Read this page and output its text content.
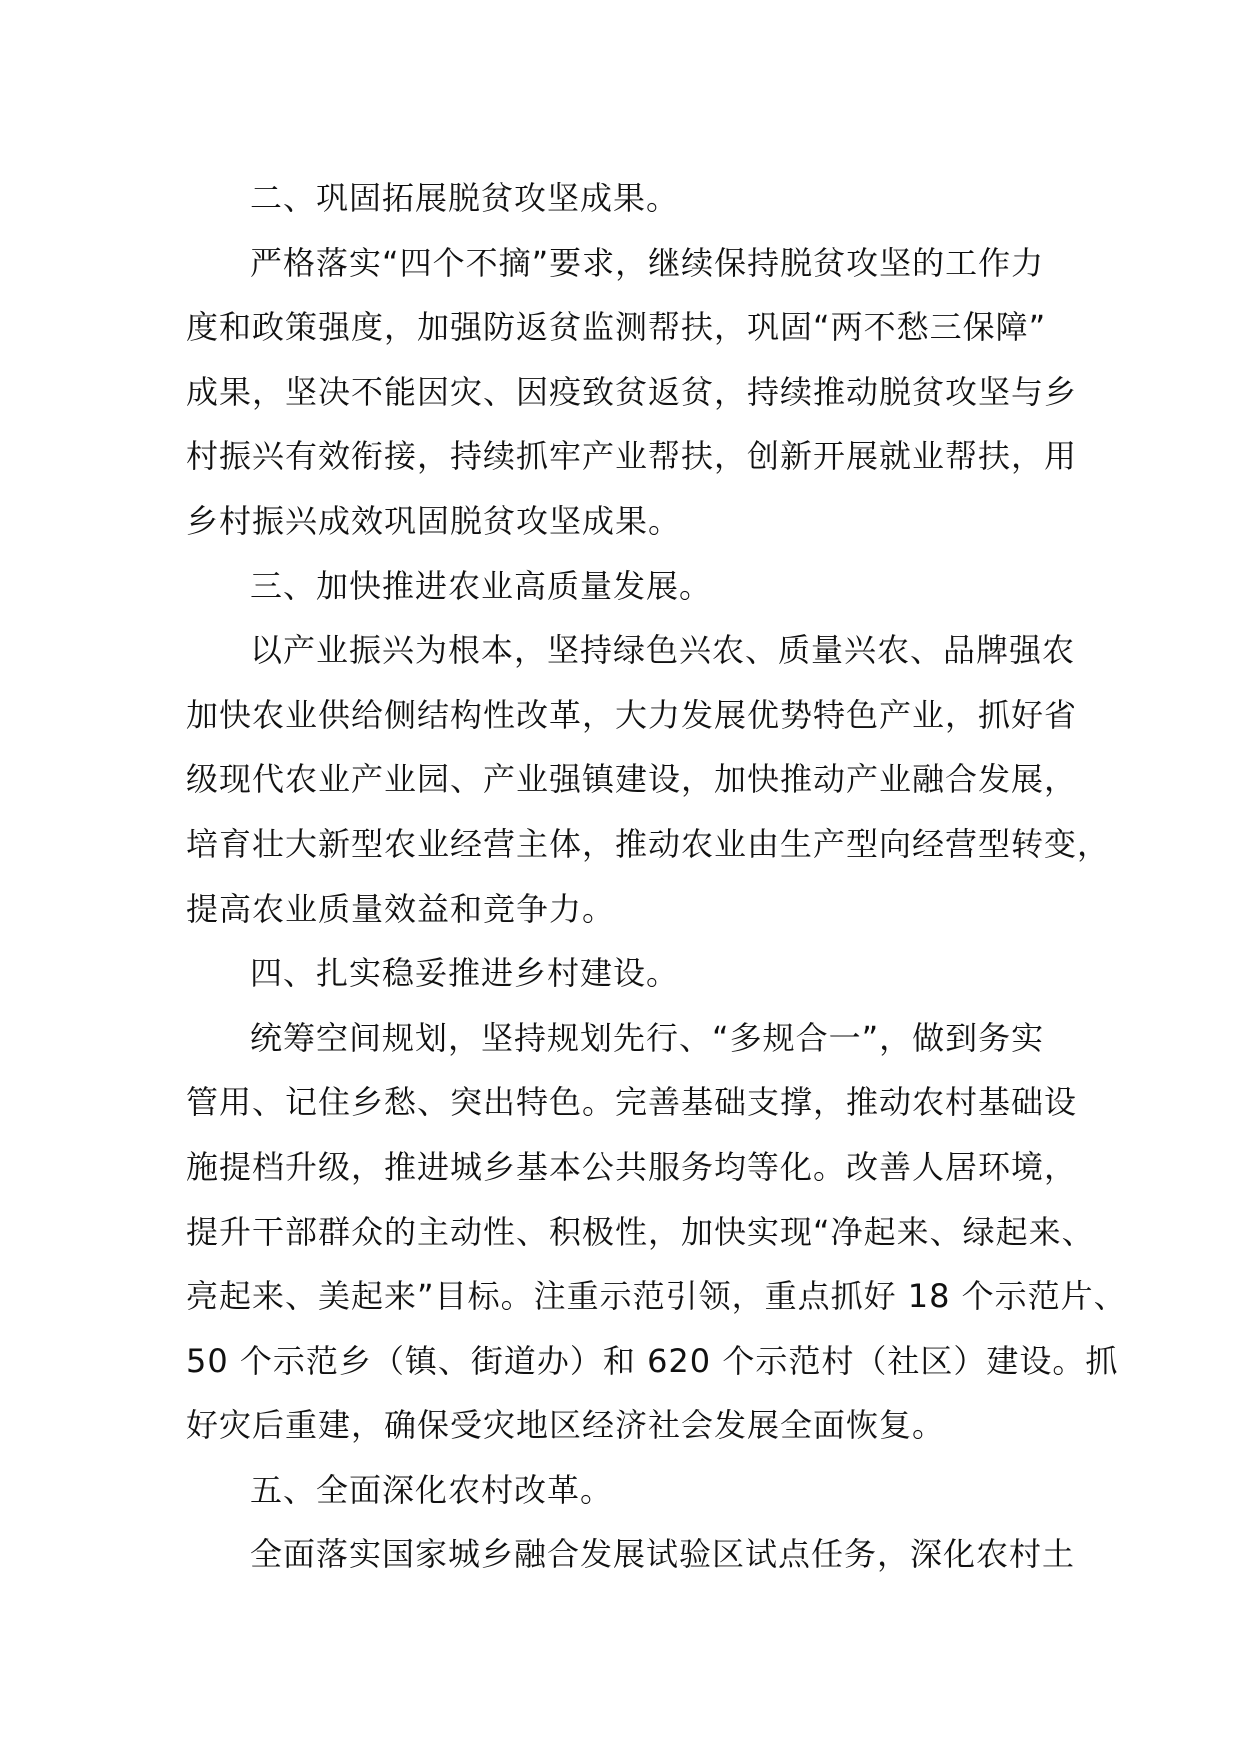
二、巩固拓展脱贫攻坚成果。

严格落实“四个不摘”要求，继续保持脱贫攻坚的工作力
度和政策强度，加强防返贫监测帮扶，巩固“两不愁三保障”
成果，坚决不能因灾、因疫致贫返贫，持续推动脱贫攻坚与乡
村振兴有效衔接，持续抓牢产业帮扶，创新开展就业帮扶，用
乡村振兴成效巩固脱贫攻坚成果。

三、加快推进农业高质量发展。

以产业振兴为根本，坚持绿色兴农、质量兴农、品牌强农
加快农业供给侧结构性改革，大力发展优势特色产业，抓好省
级现代农业产业园、产业强镇建设，加快推动产业融合发展，
培育壮大新型农业经营主体，推动农业由生产型向经营型转变，
提高农业质量效益和竞争力。

四、扎实稳妥推进乡村建设。

统筹空间规划，坚持规划先行、“多规合一”，做到务实
管用、记住乡愁、突出特色。完善基础支撑，推动农村基础设
施提档升级，推进城乡基本公共服务均等化。改善人居环境，
提升干部群众的主动性、积极性，加快实现“净起来、绿起来、
亮起来、美起来”目标。注重示范引领，重点抓好 18 个示范片、
50 个示范乡（镇、街道办）和 620 个示范村（社区）建设。抓
好灾后重建，确保受灾地区经济社会发展全面恢复。

五、全面深化农村改革。

全面落实国家城乡融合发展试验区试点任务，深化农村土
